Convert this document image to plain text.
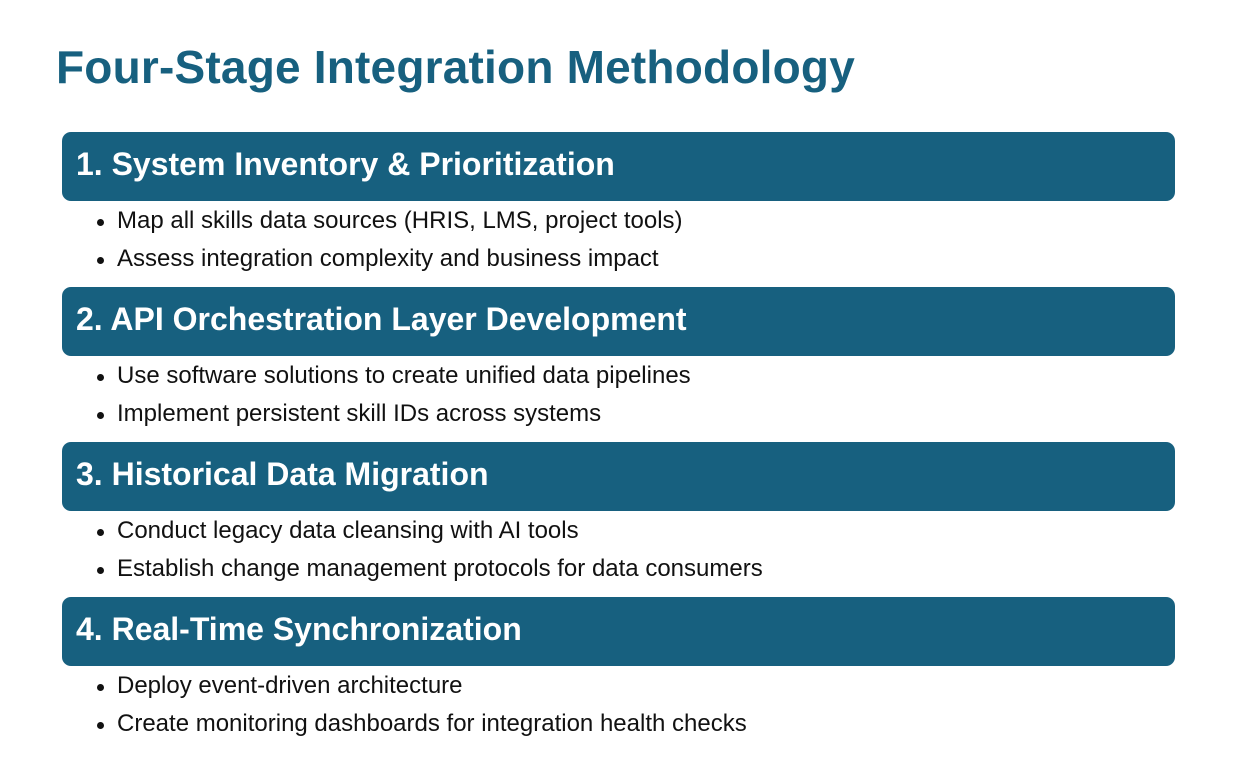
Four-Stage Integration Methodology
1. System Inventory & Prioritization
Map all skills data sources (HRIS, LMS, project tools)
Assess integration complexity and business impact
2. API Orchestration Layer Development
Use software solutions to create unified data pipelines
Implement persistent skill IDs across systems
3. Historical Data Migration
Conduct legacy data cleansing with AI tools
Establish change management protocols for data consumers
4. Real-Time Synchronization
Deploy event-driven architecture
Create monitoring dashboards for integration health checks
